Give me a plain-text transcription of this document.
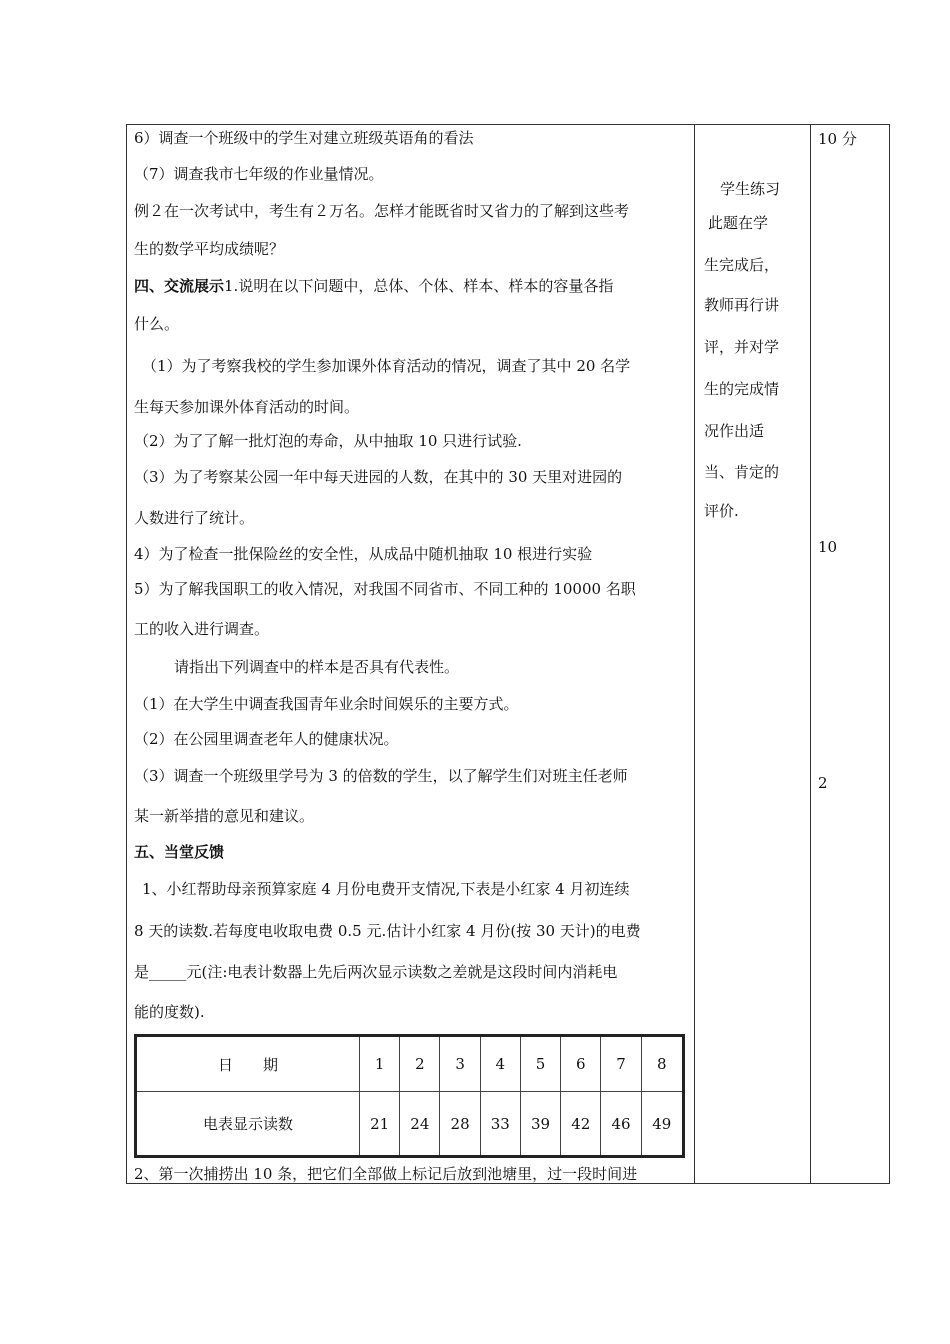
6）调查一个班级中的学生对建立班级英语角的看法
（7）调查我市七年级的作业量情况。
例２在一次考试中，考生有２万名。怎样才能既省时又省力的了解到这些考
生的数学平均成绩呢？
四、交流展示1.说明在以下问题中，总体、个体、样本、样本的容量各指
什么。
（1）为了考察我校的学生参加课外体育活动的情况，调查了其中 20 名学
生每天参加课外体育活动的时间。
（2）为了了解一批灯泡的寿命，从中抽取 10 只进行试验.
（3）为了考察某公园一年中每天进园的人数，在其中的 30 天里对进园的
人数进行了统计。
4）为了检查一批保险丝的安全性，从成品中随机抽取 10 根进行实验
5）为了解我国职工的收入情况，对我国不同省市、不同工种的 10000 名职
工的收入进行调查。
请指出下列调查中的样本是否具有代表性。
（1）在大学生中调查我国青年业余时间娱乐的主要方式。
（2）在公园里调查老年人的健康状况。
（3）调查一个班级里学号为 3 的倍数的学生，以了解学生们对班主任老师
某一新举措的意见和建议。
五、当堂反馈
1、小红帮助母亲预算家庭 4 月份电费开支情况,下表是小红家 4 月初连续
8 天的读数.若每度电收取电费 0.5 元.估计小红家 4 月份(按 30 天计)的电费
是_____元(注:电表计数器上先后两次显示读数之差就是这段时间内消耗电
能的度数).
2、第一次捕捞出 10 条，把它们全部做上标记后放到池塘里，过一段时间进
日　　期	1	2	3	4	5	6	7	8
电表显示读数	21	24	28	33	39	42	46	49
学生练习
此题在学
生完成后，
教师再行讲
评，并对学
生的完成情
况作出适
当、肯定的
评价.
10 分
10
2
